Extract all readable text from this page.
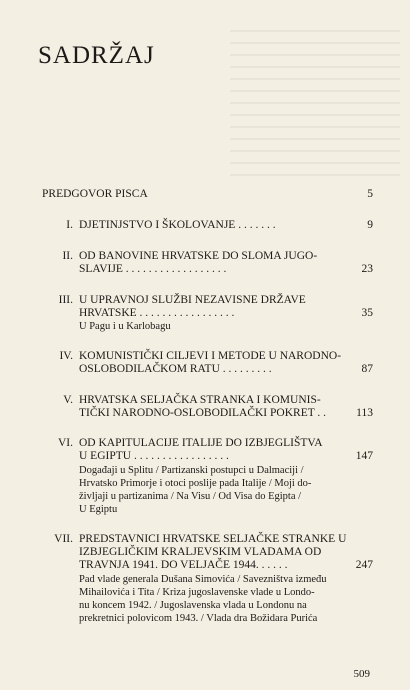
SADRŽAJ
PREDGOVOR PISCA	5
I. DJETINJSTVO I ŠKOLOVANJE . . . . . . .	9
II. OD BANOVINE HRVATSKE DO SLOMA JUGO-
SLAVIJE . . . . . . . . . . . . . . . . . .	23
III. U UPRAVNOJ SLUŽBI NEZAVISNE DRŽAVE
HRVATSKE . . . . . . . . . . . . . . . . .	35
U Pagu i u Karlobagu
IV. KOMUNISTIČKI CILJEVI I METODE U NARODNO-
OSLOBODILAČKOM RATU . . . . . . . . .	87
V. HRVATSKA SELJAČKA STRANKA I KOMUNIS-
TIČKI NARODNO-OSLOBODILAČKI POKRET . .	113
VI. OD KAPITULACIJE ITALIJE DO IZBJEGLIŠTVA
U EGIPTU . . . . . . . . . . . . . . . . .	147
Događaji u Splitu / Partizanski postupci u Dalmaciji /
Hrvatsko Primorje i otoci poslije pada Italije / Moji do-
življaji u partizanima / Na Visu / Od Visa do Egipta /
U Egiptu
VII. PREDSTAVNICI HRVATSKE SELJAČKE STRANKE U
IZBJEGLIČKIM KRALJEVSKIM VLADAMA OD
TRAVNJA 1941. DO VELJAČE 1944. . . . . .	247
Pad vlade generala Dušana Simovića / Savezništva između
Mihailovića i Tita / Kriza jugoslavenske vlade u Londo-
nu koncem 1942. / Jugoslavenska vlada u Londonu na
prekretnici polovicom 1943. / Vlada dra Božidara Purića
509
